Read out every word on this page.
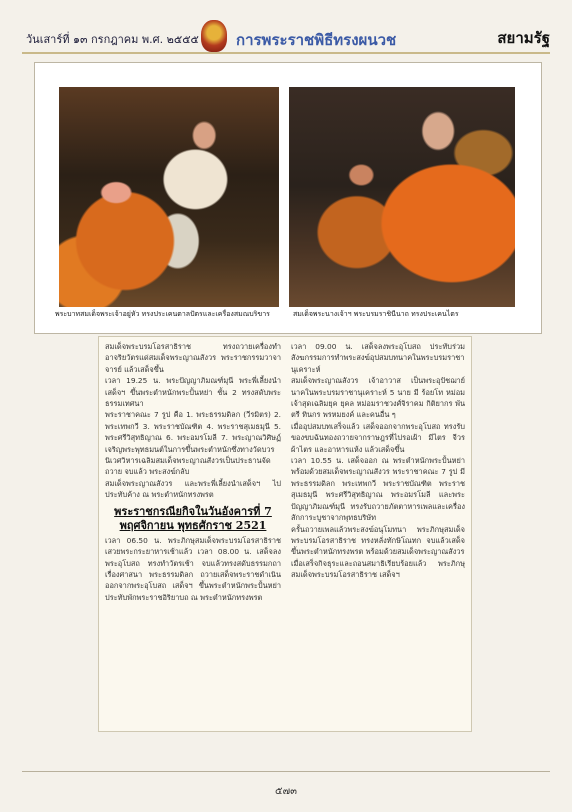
วันเสาร์ที่ ๑๓ กรกฎาคม พ.ศ. ๒๕๕๕ การพระราชพิธีทรงผนวช	สยามรัฐ
พระบาทสมเด็จพระเจ้าอยู่หัว ทรงประเคนตาลปัตรและเครื่องสมณบริขาร	สมเด็จพระนางเจ้าฯ พระบรมราชินีนาถ ทรงประเคนไตร

สมเด็จพระบรมโอรสาธิราช ทรงถวายเครื่องทำอาจริยวัตรแด่สมเด็จพระญาณสังวร พระราชกรรมวาจาจารย์ แล้วเสด็จขึ้น

เวลา 19.25 น. พระปัญญาภิมณฑ์มุนี พระพี่เลี้ยงนำเสด็จฯ ขึ้นพระตำหนักพระปั้นหย่า ชั้น 2 ทรงสดับพระธรรมเทศนา

พระราชาคณะ 7 รูป คือ 1. พระธรรมดิลก (วีรมิตร) 2. พระเทพกวี 3. พระราชบัณฑิต 4. พระราชสุเมธมุนี 5. พระศรีวิสุทธิญาณ 6. พระอมรโมลี 7. พระญาณวิศิษฏ์ เจริญพระพุทธมนต์ในการขึ้นพระตำหนักซึ่งทางวัดบวรนิเวศวิหารเฉลิมสมเด็จพระญาณสังวรเป็นประธานจัดถวาย จบแล้ว พระสงฆ์กลับ

สมเด็จพระญาณสังวร และพระพี่เลี้ยงนำเสด็จฯ ไปประทับค้าง ณ พระตำหนักทรงพรต

พระราชกรณียกิจในวันอังคารที่ 7 พฤศจิกายน พุทธศักราช 2521

เวลา 06.50 น. พระภิกษุสมเด็จพระบรมโอรสาธิราช เสวยพระกระยาหารเช้าแล้ว เวลา 08.00 น. เสด็จลงพระอุโบสถ ทรงทำวัตรเช้า จบแล้วทรงสดับธรรมกถา เรื่องศาสนา พระธรรมดิลก ถวายเสด็จพระราชดำเนินออกจากพระอุโบสถ เสด็จฯ ขึ้นพระตำหนักพระปั้นหย่า ประทับพักพระราชอิริยาบถ ณ พระตำหนักทรงพรต

เวลา 09.00 น. เสด็จลงพระอุโบสถ ประทับร่วมสังฆกรรมการทำพระสงฆ์อุปสมบทนาคในพระบรมราชานุเคราะห์

สมเด็จพระญาณสังวร เจ้าอาวาส เป็นพระอุปัชฌาย์ นาคในพระบรมราชานุเคราะห์ 5 นาย มี ร้อยโท หม่อมเจ้าสุดเฉลิมยุค ยุคล หม่อมราชวงศ์จิราคม กิติยากร พันตรี ทินกร พรหมยงค์ และคนอื่น ๆ

เมื่ออุปสมบทเสร็จแล้ว เสด็จออกจากพระอุโบสถ ทรงรับของขบฉันทองถวายจากราษฎรที่ไปรอเฝ้า มีไตร จีวร ผ้าไตร และอาหารแห้ง แล้วเสด็จขึ้น

เวลา 10.55 น. เสด็จออก ณ พระตำหนักพระปั้นหย่า พร้อมด้วยสมเด็จพระญาณสังวร พระราชาคณะ 7 รูป มีพระธรรมดิลก พระเทพกวี พระราชบัณฑิต พระราชสุเมธมุนี พระศรีวิสุทธิญาณ พระอมรโมลี และพระปัญญาภิมณฑ์มุนี ทรงรับถวายภัตตาหารเพลและเครื่องสักการะบูชาจากพุทธบริษัท

ครั้นถวายเพลแล้วพระสงฆ์อนุโมทนา พระภิกษุสมเด็จพระบรมโอรสาธิราช ทรงหลั่งทักษิโณทก จบแล้วเสด็จขึ้นพระตำหนักทรงพรต พร้อมด้วยสมเด็จพระญาณสังวร

เมื่อเสร็จกิจธุระและถอนสมาธิเรียบร้อยแล้ว พระภิกษุสมเด็จพระบรมโอรสาธิราช เสด็จฯ

๕๗๓
